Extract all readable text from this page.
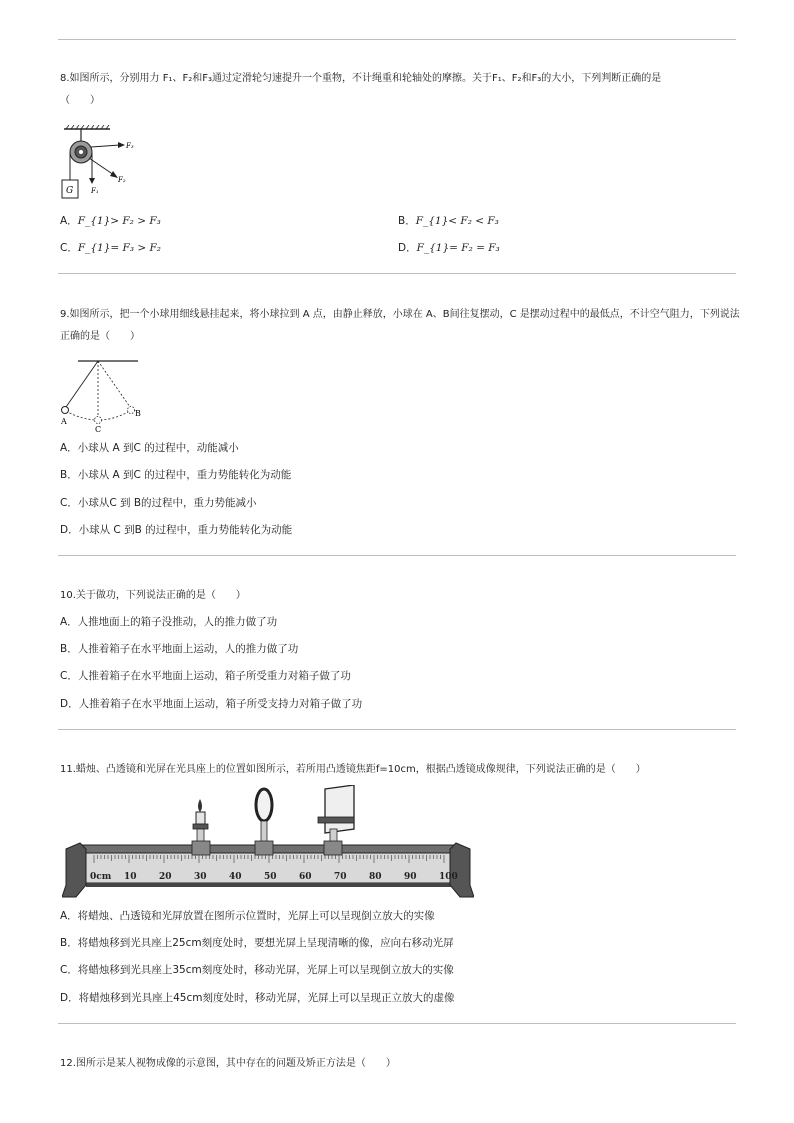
8.如图所示，分别用力 F₁、F₂和F₃通过定滑轮匀速提升一个重物，不计绳重和轮轴处的摩擦。关于F₁、F₂和F₃的大小，下列判断正确的是
（　　）
G	F₁
F₂
F₃
A．F_{1}> F₂ > F₃	B．F_{1}< F₂ < F₃
C．F_{1}= F₃ > F₂	D．F_{1}= F₂ = F₃
9.如图所示，把一个小球用细线悬挂起来，将小球拉到 A 点，由静止释放，小球在 A、B间往复摆动，C 是摆动过程中的最低点，不计空气阻力，下列说法正确的是（　　）
A
C
B
A．小球从 A 到C 的过程中，动能减小
B．小球从 A 到C 的过程中，重力势能转化为动能
C．小球从C 到 B的过程中，重力势能减小
D．小球从 C 到B 的过程中，重力势能转化为动能
10.关于做功，下列说法正确的是（　　）
A．人推地面上的箱子没推动，人的推力做了功
B．人推着箱子在水平地面上运动，人的推力做了功
C．人推着箱子在水平地面上运动，箱子所受重力对箱子做了功
D．人推着箱子在水平地面上运动，箱子所受支持力对箱子做了功
11.蜡烛、凸透镜和光屏在光具座上的位置如图所示，若所用凸透镜焦距f=10cm，根据凸透镜成像规律，下列说法正确的是（　　）
0cm 10 20 30 40 50 60 70 80 90 100
A．将蜡烛、凸透镜和光屏放置在图所示位置时，光屏上可以呈现倒立放大的实像
B．将蜡烛移到光具座上25cm刻度处时，要想光屏上呈现清晰的像，应向右移动光屏
C．将蜡烛移到光具座上35cm刻度处时，移动光屏，光屏上可以呈现倒立放大的实像
D．将蜡烛移到光具座上45cm刻度处时，移动光屏，光屏上可以呈现正立放大的虚像
12.图所示是某人视物成像的示意图，其中存在的问题及矫正方法是（　　）
